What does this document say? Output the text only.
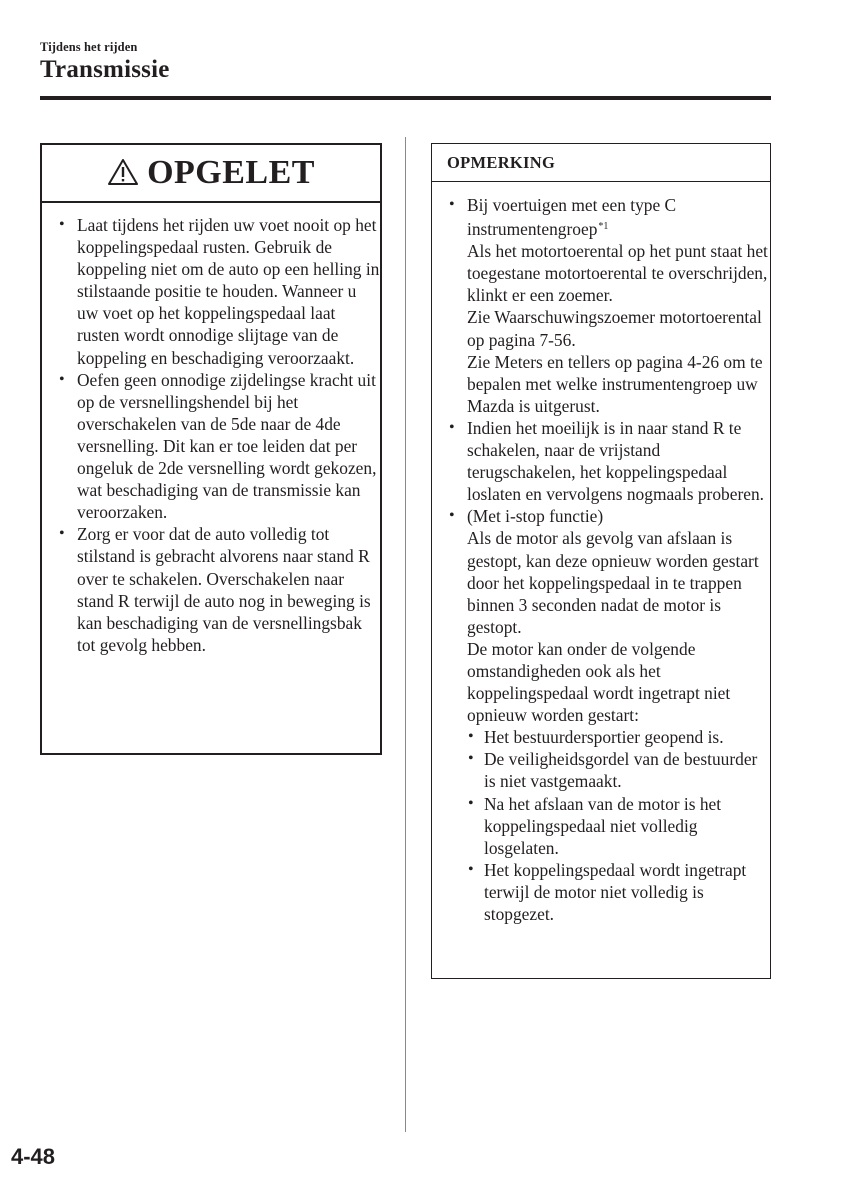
Tijdens het rijden
Transmissie
OPGELET
• Laat tijdens het rijden uw voet nooit op het koppelingspedaal rusten. Gebruik de koppeling niet om de auto op een helling in stilstaande positie te houden. Wanneer u uw voet op het koppelingspedaal laat rusten wordt onnodige slijtage van de koppeling en beschadiging veroorzaakt.
• Oefen geen onnodige zijdelingse kracht uit op de versnellingshendel bij het overschakelen van de 5de naar de 4de versnelling. Dit kan er toe leiden dat per ongeluk de 2de versnelling wordt gekozen, wat beschadiging van de transmissie kan veroorzaken.
• Zorg er voor dat de auto volledig tot stilstand is gebracht alvorens naar stand R over te schakelen. Overschakelen naar stand R terwijl de auto nog in beweging is kan beschadiging van de versnellingsbak tot gevolg hebben.
OPMERKING
• Bij voertuigen met een type C instrumentengroep$^{*1}$
Als het motortoerental op het punt staat het toegestane motortoerental te overschrijden, klinkt er een zoemer.
Zie Waarschuwingszoemer motortoerental op pagina 7-56.
Zie Meters en tellers op pagina 4-26 om te bepalen met welke instrumentengroep uw Mazda is uitgerust.
• Indien het moeilijk is in naar stand R te schakelen, naar de vrijstand terugschakelen, het koppelingspedaal loslaten en vervolgens nogmaals proberen.
• (Met i-stop functie)
Als de motor als gevolg van afslaan is gestopt, kan deze opnieuw worden gestart door het koppelingspedaal in te trappen binnen 3 seconden nadat de motor is gestopt.
De motor kan onder de volgende omstandigheden ook als het koppelingspedaal wordt ingetrapt niet opnieuw worden gestart:
• Het bestuurdersportier geopend is.
• De veiligheidsgordel van de bestuurder is niet vastgemaakt.
• Na het afslaan van de motor is het koppelingspedaal niet volledig losgelaten.
• Het koppelingspedaal wordt ingetrapt terwijl de motor niet volledig is stopgezet.
4-48
